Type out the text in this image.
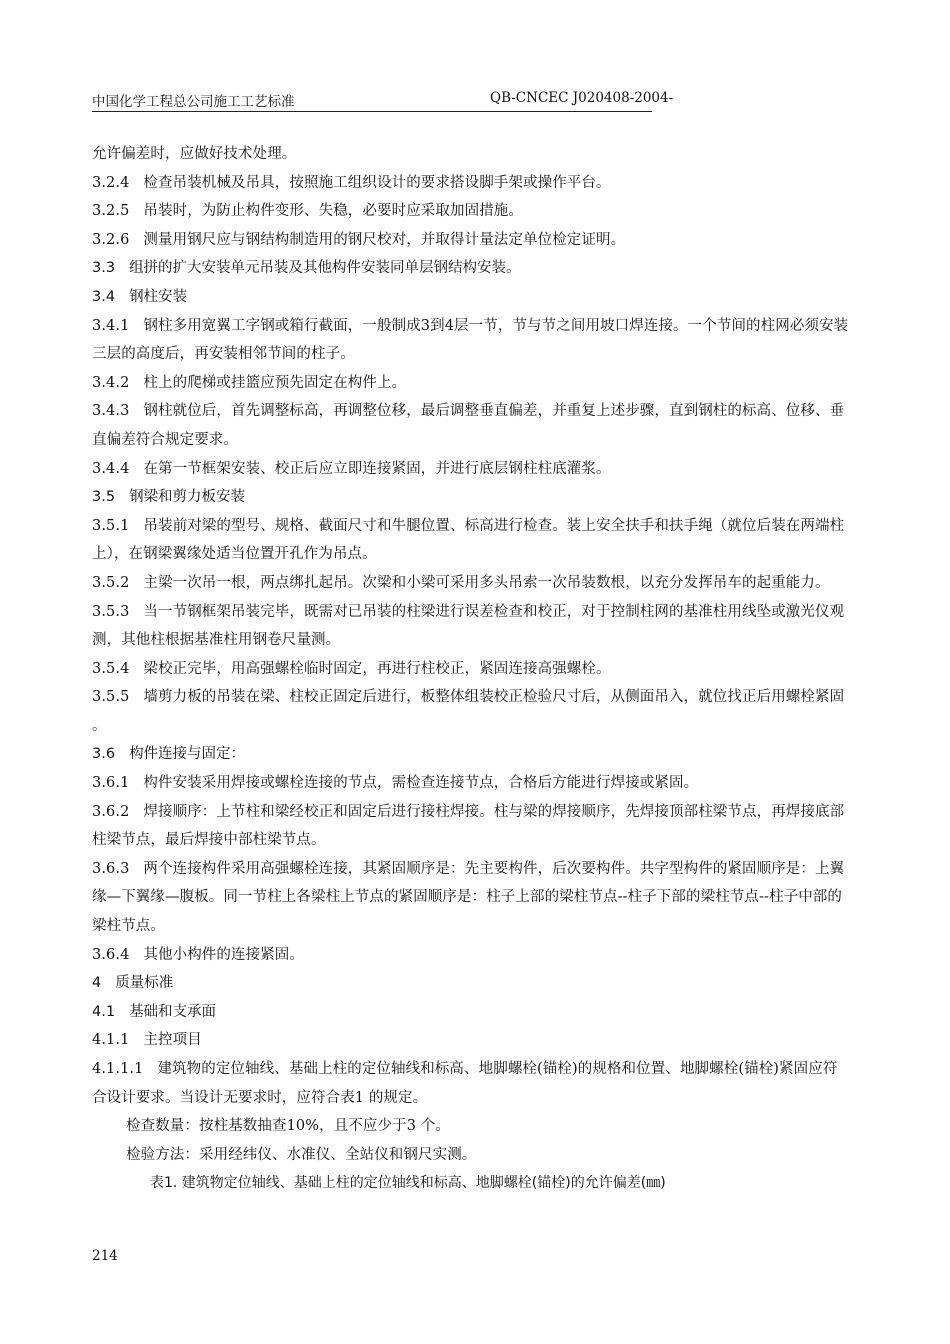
中国化学工程总公司施工工艺标准	QB-CNCEC J020408-2004-

允许偏差时，应做好技术处理。

3.2.4 检查吊装机械及吊具，按照施工组织设计的要求搭设脚手架或操作平台。

3.2.5 吊装时，为防止构件变形、失稳，必要时应采取加固措施。

3.2.6 测量用钢尺应与钢结构制造用的钢尺校对，并取得计量法定单位检定证明。

3.3 组拼的扩大安装单元吊装及其他构件安装同单层钢结构安装。

3.4 钢柱安装

3.4.1 钢柱多用宽翼工字钢或箱行截面，一般制成3到4层一节，节与节之间用坡口焊连接。一个节间的柱网必须安装三层的高度后，再安装相邻节间的柱子。

3.4.2 柱上的爬梯或挂篮应预先固定在构件上。

3.4.3 钢柱就位后，首先调整标高，再调整位移，最后调整垂直偏差，并重复上述步骤，直到钢柱的标高、位移、垂直偏差符合规定要求。

3.4.4 在第一节框架安装、校正后应立即连接紧固，并进行底层钢柱柱底灌浆。

3.5 钢梁和剪力板安装

3.5.1 吊装前对梁的型号、规格、截面尺寸和牛腿位置、标高进行检查。装上安全扶手和扶手绳（就位后装在两端柱上），在钢梁翼缘处适当位置开孔作为吊点。

3.5.2 主梁一次吊一根，两点绑扎起吊。次梁和小梁可采用多头吊索一次吊装数根，以充分发挥吊车的起重能力。

3.5.3 当一节钢框架吊装完毕，既需对已吊装的柱梁进行误差检查和校正，对于控制柱网的基准柱用线坠或激光仪观测，其他柱根据基准柱用钢卷尺量测。

3.5.4 梁校正完毕，用高强螺栓临时固定，再进行柱校正，紧固连接高强螺栓。

3.5.5 墙剪力板的吊装在梁、柱校正固定后进行，板整体组装校正检验尺寸后，从侧面吊入，就位找正后用螺栓紧固 。

3.6 构件连接与固定：

3.6.1 构件安装采用焊接或螺栓连接的节点，需检查连接节点，合格后方能进行焊接或紧固。

3.6.2 焊接顺序：上节柱和梁经校正和固定后进行接柱焊接。柱与梁的焊接顺序，先焊接顶部柱梁节点，再焊接底部柱梁节点，最后焊接中部柱梁节点。

3.6.3 两个连接构件采用高强螺栓连接，其紧固顺序是：先主要构件，后次要构件。共字型构件的紧固顺序是：上翼缘—下翼缘—腹板。同一节柱上各梁柱上节点的紧固顺序是：柱子上部的梁柱节点--柱子下部的梁柱节点--柱子中部的梁柱节点。

3.6.4 其他小构件的连接紧固。

4 质量标准

4.1 基础和支承面

4.1.1 主控项目

4.1.1.1 建筑物的定位轴线、基础上柱的定位轴线和标高、地脚螺栓(锚栓)的规格和位置、地脚螺栓(锚栓)紧固应符合设计要求。当设计无要求时，应符合表1 的规定。

检查数量：按柱基数抽查10%，且不应少于3 个。

检验方法：采用经纬仪、水准仪、全站仪和钢尺实测。

表1. 建筑物定位轴线、基础上柱的定位轴线和标高、地脚螺栓(锚栓)的允许偏差(㎜)

214
